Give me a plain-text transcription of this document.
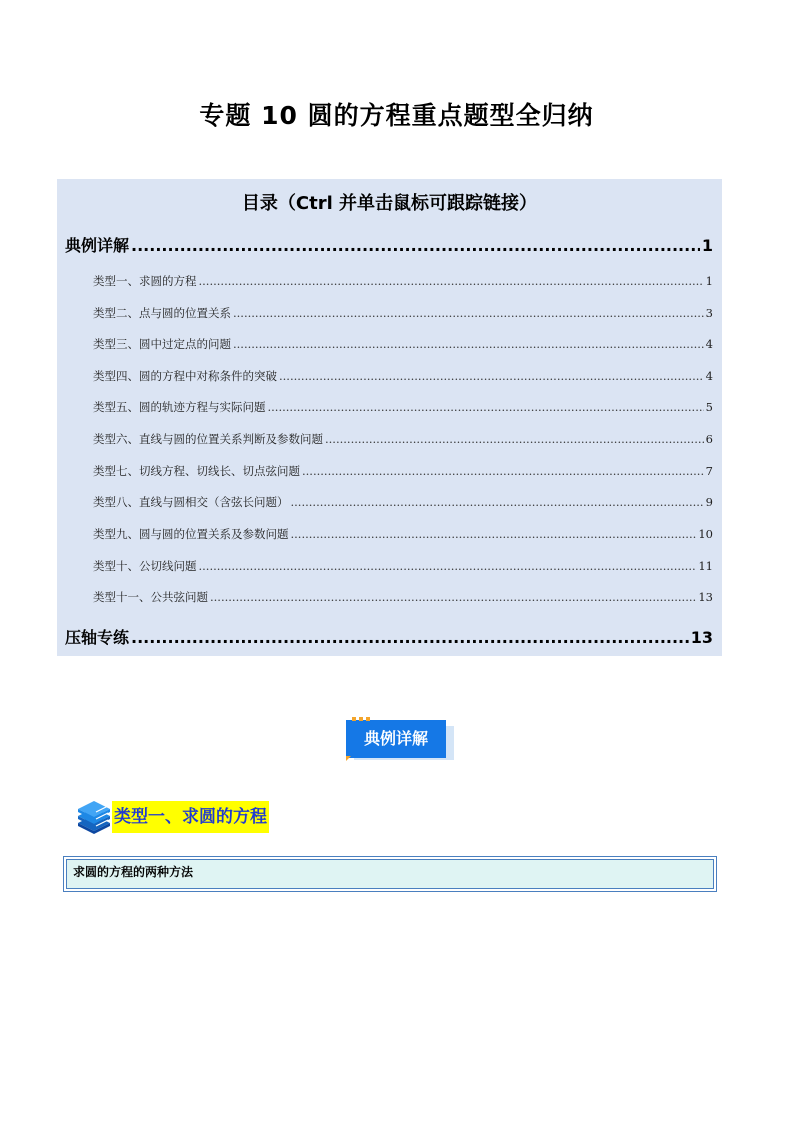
专题 10 圆的方程重点题型全归纳
目录（Ctrl 并单击鼠标可跟踪链接）
典例详解 .....	1
类型一、求圆的方程 .....	1
类型二、点与圆的位置关系 .....	3
类型三、圆中过定点的问题 .....	4
类型四、圆的方程中对称条件的突破 .....	4
类型五、圆的轨迹方程与实际问题 .....	5
类型六、直线与圆的位置关系判断及参数问题 .....	6
类型七、切线方程、切线长、切点弦问题 .....	7
类型八、直线与圆相交（含弦长问题） .....	9
类型九、圆与圆的位置关系及参数问题 .....	10
类型十、公切线问题 .....	11
类型十一、公共弦问题 .....	13
压轴专练 .....	13
典例详解
类型一、求圆的方程
求圆的方程的两种方法
